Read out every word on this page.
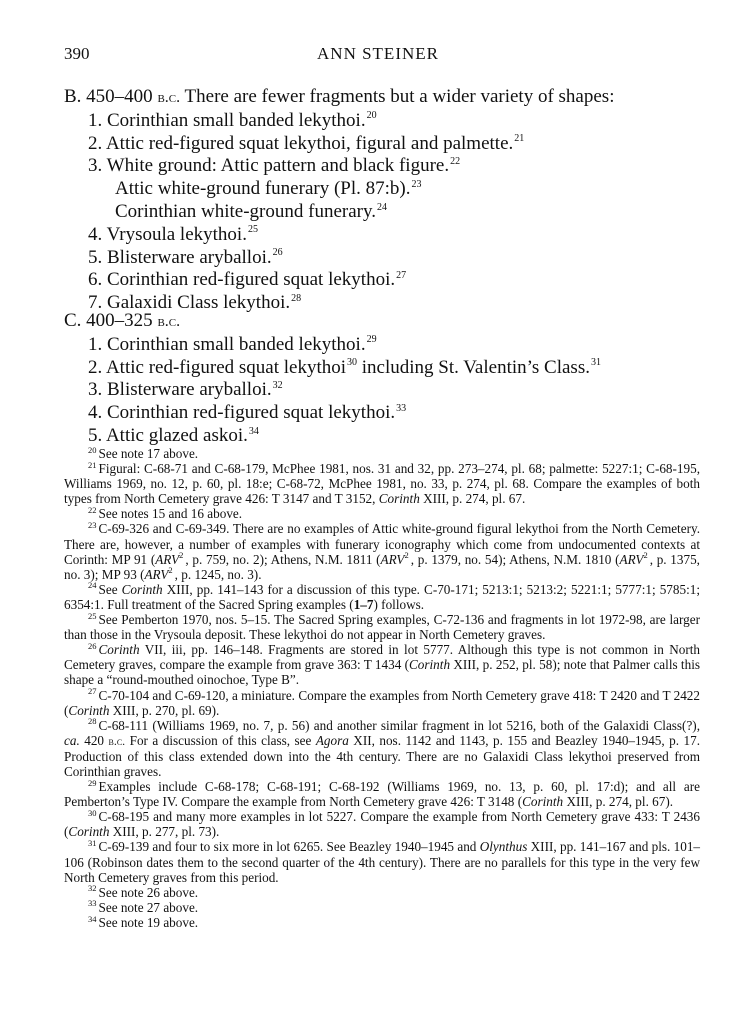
390	ANN STEINER
B. 450–400 b.c. There are fewer fragments but a wider variety of shapes:
1. Corinthian small banded lekythoi.$^{20}$
2. Attic red-figured squat lekythoi, figural and palmette.$^{21}$
3. White ground: Attic pattern and black figure.$^{22}$
Attic white-ground funerary (Pl. 87:b).$^{23}$
Corinthian white-ground funerary.$^{24}$
4. Vrysoula lekythoi.$^{25}$
5. Blisterware aryballoi.$^{26}$
6. Corinthian red-figured squat lekythoi.$^{27}$
7. Galaxidi Class lekythoi.$^{28}$
C. 400–325 b.c.
1. Corinthian small banded lekythoi.$^{29}$
2. Attic red-figured squat lekythoi$^{30}$ including St. Valentin’s Class.$^{31}$
3. Blisterware aryballoi.$^{32}$
4. Corinthian red-figured squat lekythoi.$^{33}$
5. Attic glazed askoi.$^{34}$
$^{20}$ See note 17 above.
$^{21}$ Figural: C-68-71 and C-68-179, McPhee 1981, nos. 31 and 32, pp. 273–274, pl. 68; palmette: 5227:1; C-68-195, Williams 1969, no. 12, p. 60, pl. 18:e; C-68-72, McPhee 1981, no. 33, p. 274, pl. 68. Compare the examples of both types from North Cemetery grave 426: T 3147 and T 3152, Corinth XIII, p. 274, pl. 67.
$^{22}$ See notes 15 and 16 above.
$^{23}$ C-69-326 and C-69-349. There are no examples of Attic white-ground figural lekythoi from the North Cemetery. There are, however, a number of examples with funerary iconography which come from undocumented contexts at Corinth: MP 91 (ARV$^2$ , p. 759, no. 2); Athens, N.M. 1811 (ARV$^2$ , p. 1379, no. 54); Athens, N.M. 1810 (ARV$^2$ , p. 1375, no. 3); MP 93 (ARV$^2$ , p. 1245, no. 3).
$^{24}$ See Corinth XIII, pp. 141–143 for a discussion of this type. C-70-171; 5213:1; 5213:2; 5221:1; 5777:1; 5785:1; 6354:1. Full treatment of the Sacred Spring examples (1–7) follows.
$^{25}$ See Pemberton 1970, nos. 5–15. The Sacred Spring examples, C-72-136 and fragments in lot 1972-98, are larger than those in the Vrysoula deposit. These lekythoi do not appear in North Cemetery graves.
$^{26}$ Corinth VII, iii, pp. 146–148. Fragments are stored in lot 5777. Although this type is not common in North Cemetery graves, compare the example from grave 363: T 1434 (Corinth XIII, p. 252, pl. 58); note that Palmer calls this shape a “round-mouthed oinochoe, Type B”.
$^{27}$ C-70-104 and C-69-120, a miniature. Compare the examples from North Cemetery grave 418: T 2420 and T 2422 (Corinth XIII, p. 270, pl. 69).
$^{28}$ C-68-111 (Williams 1969, no. 7, p. 56) and another similar fragment in lot 5216, both of the Galaxidi Class(?), ca. 420 b.c. For a discussion of this class, see Agora XII, nos. 1142 and 1143, p. 155 and Beazley 1940–1945, p. 17. Production of this class extended down into the 4th century. There are no Galaxidi Class lekythoi preserved from Corinthian graves.
$^{29}$ Examples include C-68-178; C-68-191; C-68-192 (Williams 1969, no. 13, p. 60, pl. 17:d); and all are Pemberton’s Type IV. Compare the example from North Cemetery grave 426: T 3148 (Corinth XIII, p. 274, pl. 67).
$^{30}$ C-68-195 and many more examples in lot 5227. Compare the example from North Cemetery grave 433: T 2436 (Corinth XIII, p. 277, pl. 73).
$^{31}$ C-69-139 and four to six more in lot 6265. See Beazley 1940–1945 and Olynthus XIII, pp. 141–167 and pls. 101–106 (Robinson dates them to the second quarter of the 4th century). There are no parallels for this type in the very few North Cemetery graves from this period.
$^{32}$ See note 26 above.
$^{33}$ See note 27 above.
$^{34}$ See note 19 above.
